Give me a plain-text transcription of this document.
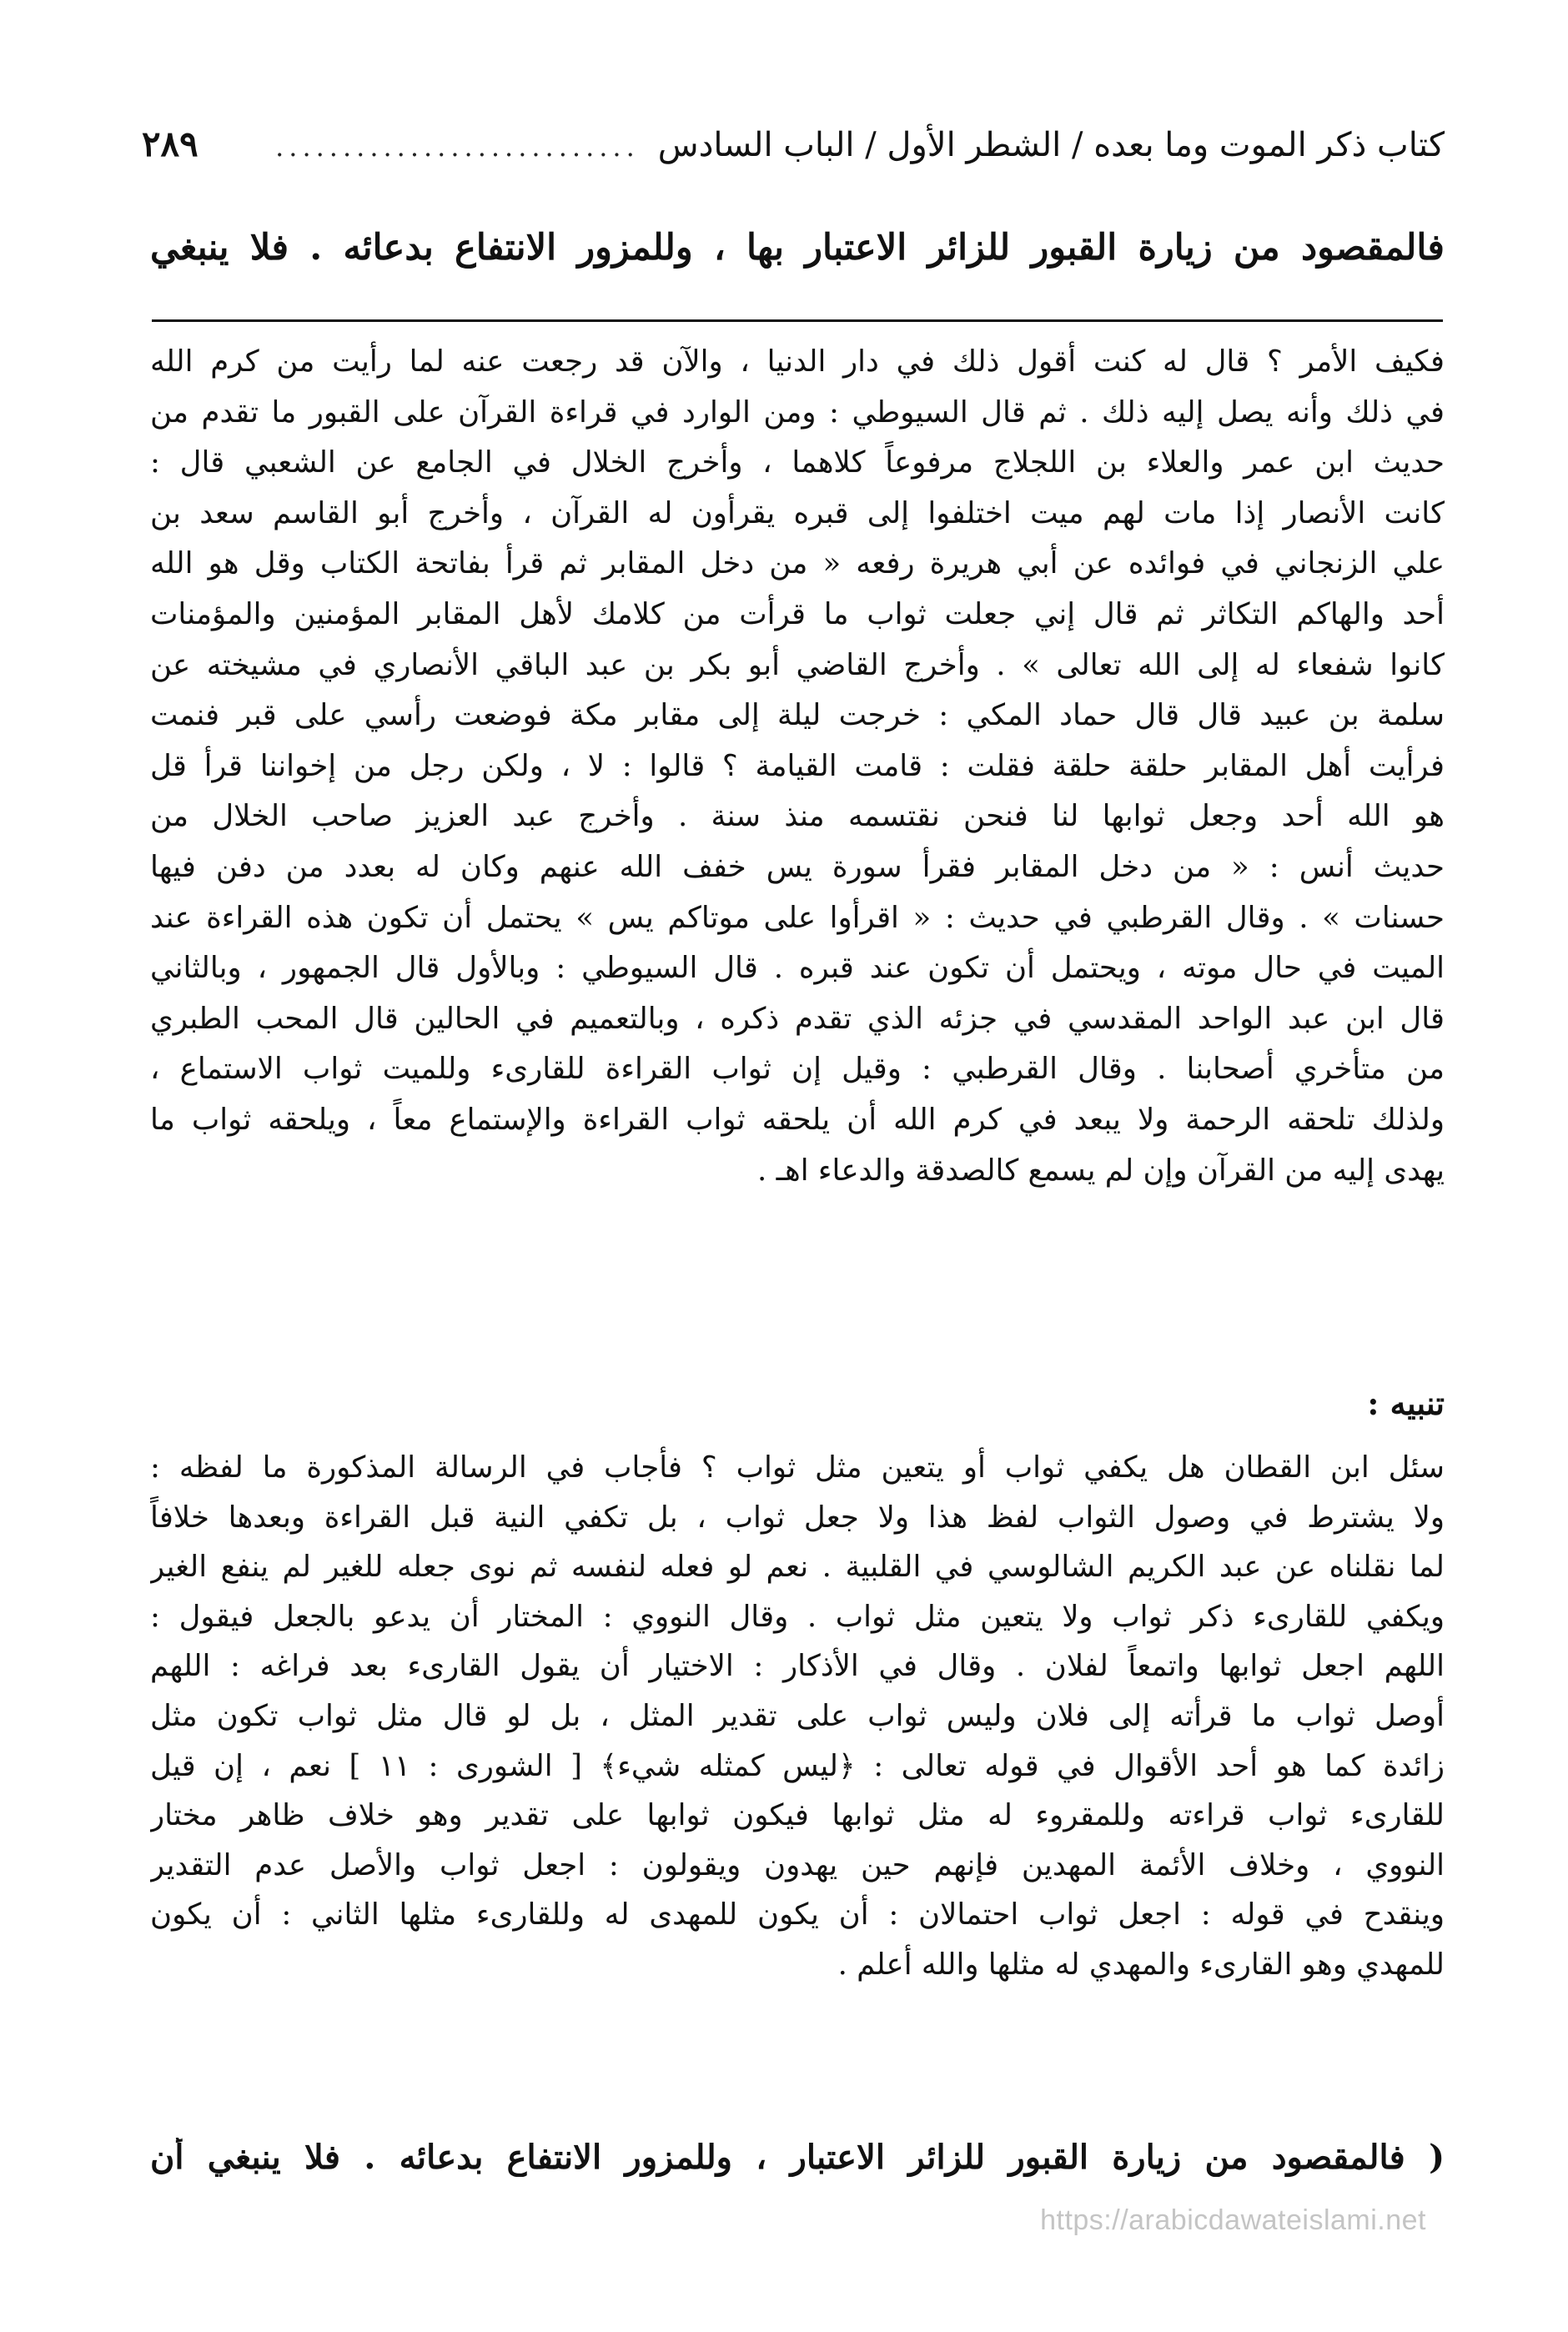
كتاب ذكر الموت وما بعده / الشطر الأول / الباب السادس
...........................
٢٨٩
فالمقصود من زيارة القبور للزائر الاعتبار بها ، وللمزور الانتفاع بدعائه . فلا ينبغي
فكيف الأمر ؟ قال له كنت أقول ذلك في دار الدنيا ، والآن قد رجعت عنه لما رأيت من كرم الله
في ذلك وأنه يصل إليه ذلك . ثم قال السيوطي : ومن الوارد في قراءة القرآن على القبور ما تقدم من
حديث ابن عمر والعلاء بن اللجلاج مرفوعاً كلاهما ، وأخرج الخلال في الجامع عن الشعبي قال :
كانت الأنصار إذا مات لهم ميت اختلفوا إلى قبره يقرأون له القرآن ، وأخرج أبو القاسم سعد بن
علي الزنجاني في فوائده عن أبي هريرة رفعه « من دخل المقابر ثم قرأ بفاتحة الكتاب وقل هو الله
أحد والهاكم التكاثر ثم قال إني جعلت ثواب ما قرأت من كلامك لأهل المقابر المؤمنين والمؤمنات
كانوا شفعاء له إلى الله تعالى » . وأخرج القاضي أبو بكر بن عبد الباقي الأنصاري في مشيخته عن
سلمة بن عبيد قال قال حماد المكي : خرجت ليلة إلى مقابر مكة فوضعت رأسي على قبر فنمت
فرأيت أهل المقابر حلقة حلقة فقلت : قامت القيامة ؟ قالوا : لا ، ولكن رجل من إخواننا قرأ قل
هو الله أحد وجعل ثوابها لنا فنحن نقتسمه منذ سنة . وأخرج عبد العزيز صاحب الخلال من
حديث أنس : « من دخل المقابر فقرأ سورة يس خفف الله عنهم وكان له بعدد من دفن فيها
حسنات » . وقال القرطبي في حديث : « اقرأوا على موتاكم يس » يحتمل أن تكون هذه القراءة عند
الميت في حال موته ، ويحتمل أن تكون عند قبره . قال السيوطي : وبالأول قال الجمهور ، وبالثاني
قال ابن عبد الواحد المقدسي في جزئه الذي تقدم ذكره ، وبالتعميم في الحالين قال المحب الطبري
من متأخري أصحابنا . وقال القرطبي : وقيل إن ثواب القراءة للقارىء وللميت ثواب الاستماع ،
ولذلك تلحقه الرحمة ولا يبعد في كرم الله أن يلحقه ثواب القراءة والإستماع معاً ، ويلحقه ثواب ما
يهدى إليه من القرآن وإن لم يسمع كالصدقة والدعاء اهـ .
تنبيه :
سئل ابن القطان هل يكفي ثواب أو يتعين مثل ثواب ؟ فأجاب في الرسالة المذكورة ما لفظه :
ولا يشترط في وصول الثواب لفظ هذا ولا جعل ثواب ، بل تكفي النية قبل القراءة وبعدها خلافاً
لما نقلناه عن عبد الكريم الشالوسي في القلبية . نعم لو فعله لنفسه ثم نوى جعله للغير لم ينفع الغير
ويكفي للقارىء ذكر ثواب ولا يتعين مثل ثواب . وقال النووي : المختار أن يدعو بالجعل فيقول :
اللهم اجعل ثوابها واتمعاً لفلان . وقال في الأذكار : الاختيار أن يقول القارىء بعد فراغه : اللهم
أوصل ثواب ما قرأته إلى فلان وليس ثواب على تقدير المثل ، بل لو قال مثل ثواب تكون مثل
زائدة كما هو أحد الأقوال في قوله تعالى : ﴿ليس كمثله شيء﴾ [ الشورى : ١١ ] نعم ، إن قيل
للقارىء ثواب قراءته وللمقروء له مثل ثوابها فيكون ثوابها على تقدير وهو خلاف ظاهر مختار
النووي ، وخلاف الأئمة المهدين فإنهم حين يهدون ويقولون : اجعل ثواب والأصل عدم التقدير
وينقدح في قوله : اجعل ثواب احتمالان : أن يكون للمهدى له وللقارىء مثلها الثاني : أن يكون
للمهدي وهو القارىء والمهدي له مثلها والله أعلم .
( فالمقصود من زيارة القبور للزائر الاعتبار ، وللمزور الانتفاع بدعائه . فلا ينبغي أن
https://arabicdawateislami.net
